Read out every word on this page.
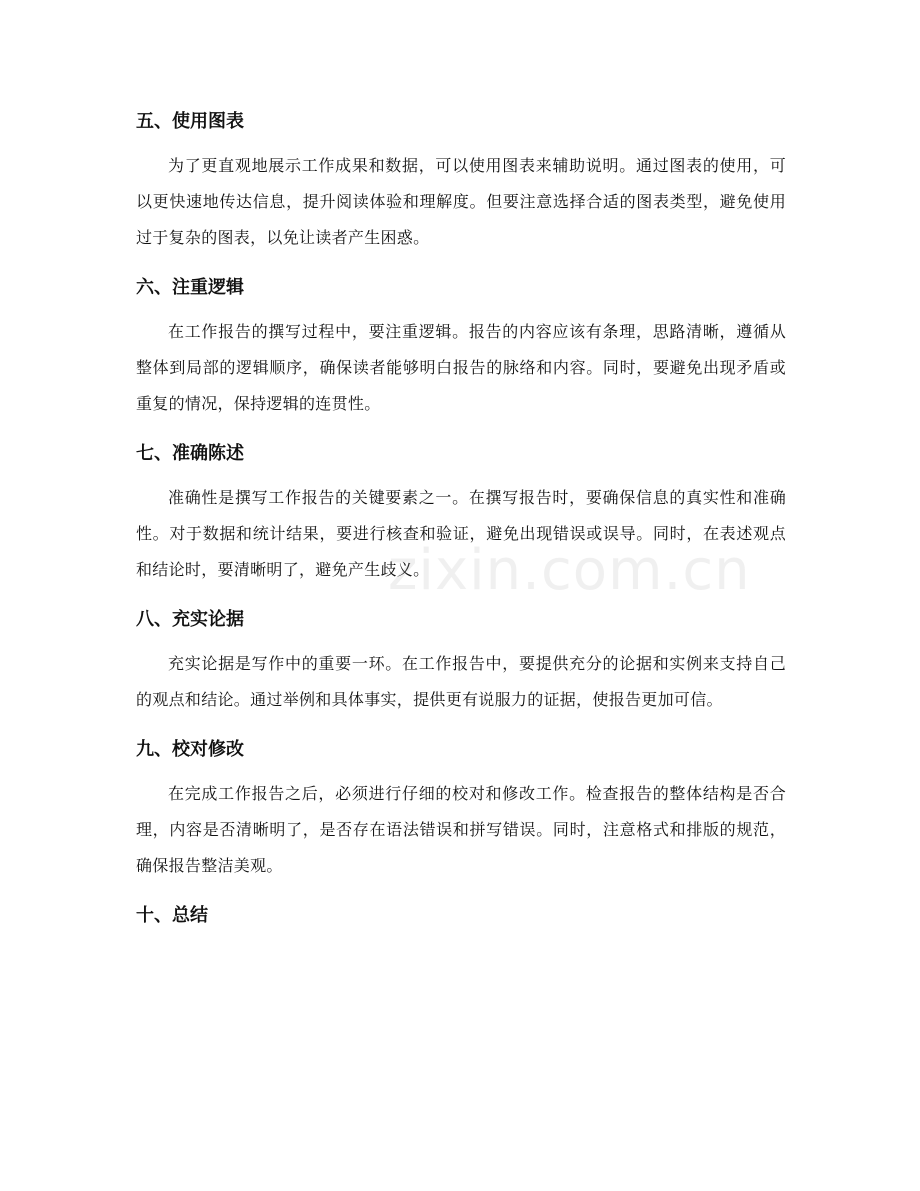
五、使用图表

为了更直观地展示工作成果和数据，可以使用图表来辅助说明。通过图表的使用，可以更快速地传达信息，提升阅读体验和理解度。但要注意选择合适的图表类型，避免使用过于复杂的图表，以免让读者产生困惑。

六、注重逻辑

在工作报告的撰写过程中，要注重逻辑。报告的内容应该有条理，思路清晰，遵循从整体到局部的逻辑顺序，确保读者能够明白报告的脉络和内容。同时，要避免出现矛盾或重复的情况，保持逻辑的连贯性。

七、准确陈述

准确性是撰写工作报告的关键要素之一。在撰写报告时，要确保信息的真实性和准确性。对于数据和统计结果，要进行核查和验证，避免出现错误或误导。同时，在表述观点和结论时，要清晰明了，避免产生歧义。

八、充实论据

充实论据是写作中的重要一环。在工作报告中，要提供充分的论据和实例来支持自己的观点和结论。通过举例和具体事实，提供更有说服力的证据，使报告更加可信。

九、校对修改

在完成工作报告之后，必须进行仔细的校对和修改工作。检查报告的整体结构是否合理，内容是否清晰明了，是否存在语法错误和拼写错误。同时，注意格式和排版的规范，确保报告整洁美观。

十、总结
zixin.com.cn
